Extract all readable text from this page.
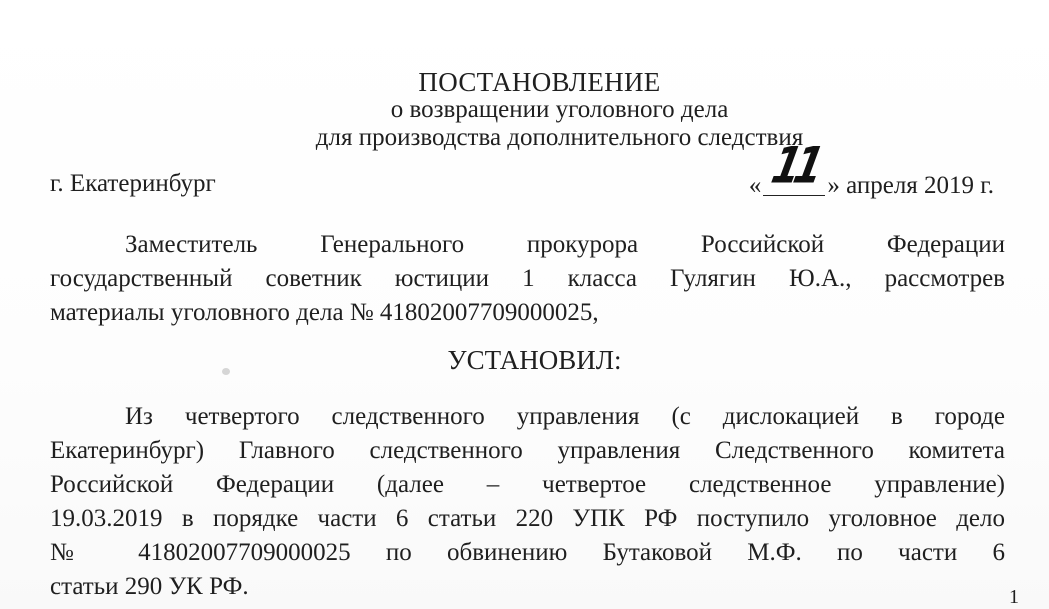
ПОСТАНОВЛЕНИЕ
о возвращении уголовного дела
для производства дополнительного следствия
г. Екатеринбург	« 11 » апреля 2019 г.
Заместитель Генерального прокурора Российской Федерации
государственный советник юстиции 1 класса Гулягин Ю.А., рассмотрев
материалы уголовного дела № 41802007709000025,
УСТАНОВИЛ:
Из четвертого следственного управления (с дислокацией в городе
Екатеринбург) Главного следственного управления Следственного комитета
Российской Федерации (далее – четвертое следственное управление)
19.03.2019 в порядке части 6 статьи 220 УПК РФ поступило уголовное дело
№ 41802007709000025 по обвинению Бутаковой М.Ф. по части 6
статьи 290 УК РФ.	1
